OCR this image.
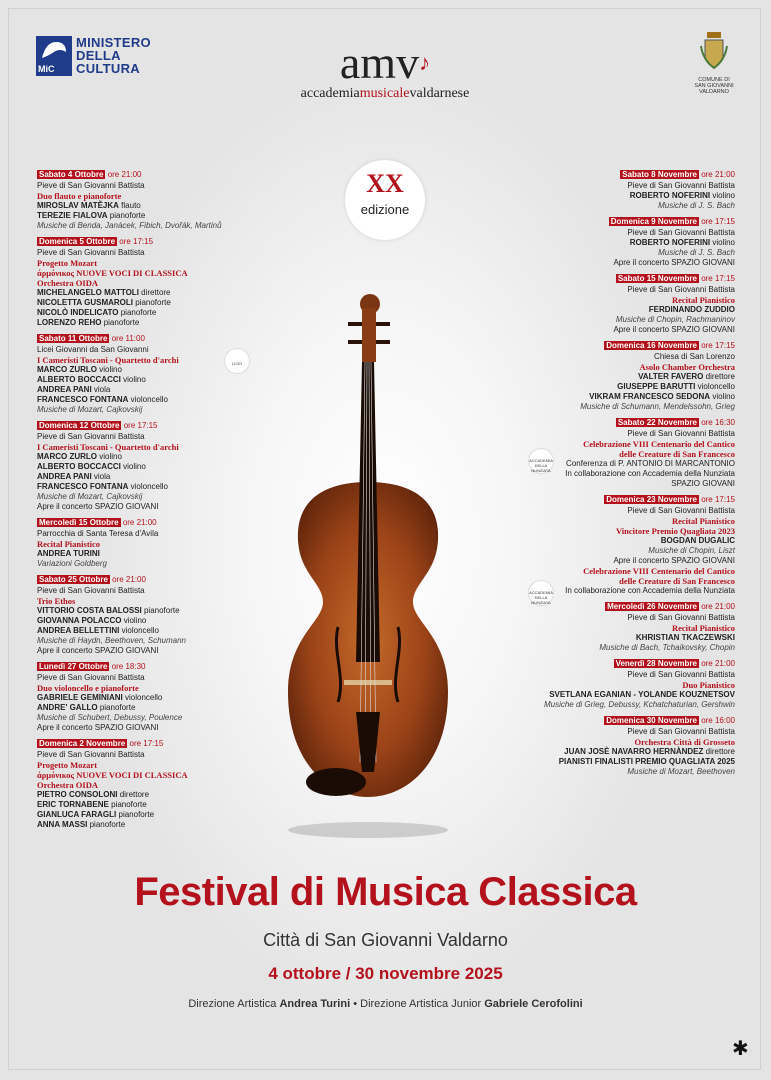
MiC
MINISTERO
DELLA
CULTURA	amv♪
accademiamusicalevaldarnese
COMUNE DI
SAN GIOVANNI VALDARNO
XX
edizione
Sabato 4 Ottobre ore 21:00
Pieve di San Giovanni Battista
Duo flauto e pianoforte
MIROSLAV MATĚJKA flauto
TEREZIE FIALOVA pianoforte
Musiche di Benda, Janàcek, Fibich, Dvořák, Martinů
Domenica 5 Ottobre ore 17:15
Pieve di San Giovanni Battista
Progetto Mozart
άρμόνικος NUOVE VOCI DI CLASSICA
Orchestra OIDA
MICHELANGELO MATTOLI direttore
NICOLETTA GUSMAROLI pianoforte
NICOLÒ INDELICATO pianoforte
LORENZO REHO pianoforte
Sabato 11 Ottobre ore 11:00
Licei Giovanni da San Giovanni
I Cameristi Toscani - Quartetto d'archi
MARCO ZURLO violino
ALBERTO BOCCACCI violino
ANDREA PANI viola
FRANCESCO FONTANA violoncello
Musiche di Mozart, Cajkovskij
Domenica 12 Ottobre ore 17:15
Pieve di San Giovanni Battista
I Cameristi Toscani - Quartetto d'archi
MARCO ZURLO violino
ALBERTO BOCCACCI violino
ANDREA PANI viola
FRANCESCO FONTANA violoncello
Musiche di Mozart, Cajkovskij
Apre il concerto SPAZIO GIOVANI
Mercoledì 15 Ottobre ore 21:00
Parrocchia di Santa Teresa d'Avila
Recital Pianistico
ANDREA TURINI
Variazioni Goldberg
Sabato 25 Ottobre ore 21:00
Pieve di San Giovanni Battista
Trio Ethos
VITTORIO COSTA BALOSSI pianoforte
GIOVANNA POLACCO violino
ANDREA BELLETTINI violoncello
Musiche di Haydn, Beethoven, Schumann
Apre il concerto SPAZIO GIOVANI
Lunedì 27 Ottobre ore 18:30
Pieve di San Giovanni Battista
Duo violoncello e pianoforte
GABRIELE GEMINIANI violoncello
ANDRE' GALLO pianoforte
Musiche di Schubert, Debussy, Poulence
Apre il concerto SPAZIO GIOVANI
Domenica 2 Novembre ore 17:15
Pieve di San Giovanni Battista
Progetto Mozart
άρμόνικος NUOVE VOCI DI CLASSICA
Orchestra OIDA
PIETRO CONSOLONI direttore
ERIC TORNABENE pianoforte
GIANLUCA FARAGLI pianoforte
ANNA MASSI pianoforte
Sabato 8 Novembre ore 21:00
Pieve di San Giovanni Battista
ROBERTO NOFERINI violino
Musiche di J. S. Bach
Domenica 9 Novembre ore 17:15
Pieve di San Giovanni Battista
ROBERTO NOFERINI violino
Musiche di J. S. Bach
Apre il concerto SPAZIO GIOVANI
Sabato 15 Novembre ore 17:15
Pieve di San Giovanni Battista
Recital Pianistico
FERDINANDO ZUDDIO
Musiche di Chopin, Rachmaninov
Apre il concerto SPAZIO GIOVANI
Domenica 16 Novembre ore 17:15
Chiesa di San Lorenzo
Asolo Chamber Orchestra
VALTER FAVERO direttore
GIUSEPPE BARUTTI violoncello
VIKRAM FRANCESCO SEDONA violino
Musiche di Schumann, Mendelssohn, Grieg
Sabato 22 Novembre ore 16:30
Pieve di San Giovanni Battista
Celebrazione VIII Centenario del Cantico
delle Creature di San Francesco
Conferenza di P. ANTONIO DI MARCANTONIO
In collaborazione con Accademia della Nunziata
SPAZIO GIOVANI
Domenica 23 Novembre ore 17:15
Pieve di San Giovanni Battista
Recital Pianistico
Vincitore Premio Quagliata 2023
BOGDAN DUGALIC
Musiche di Chopin, Liszt
Apre il concerto SPAZIO GIOVANI
Celebrazione VIII Centenario del Cantico
delle Creature di San Francesco
In collaborazione con Accademia della Nunziata
Mercoledì 26 Novembre ore 21:00
Pieve di San Giovanni Battista
Recital Pianistico
KHRISTIAN TKACZEWSKI
Musiche di Bach, Tchaikovsky, Chopin
Venerdì 28 Novembre ore 21:00
Pieve di San Giovanni Battista
Duo Pianistico
SVETLANA EGANIAN - YOLANDE KOUZNETSOV
Musiche di Grieg, Debussy, Kchatchaturian, Gershwin
Domenica 30 Novembre ore 16:00
Pieve di San Giovanni Battista
Orchestra Città di Grosseto
JUAN JOSÈ NAVARRO HERNÀNDEZ direttore
PIANISTI FINALISTI PREMIO QUAGLIATA 2025
Musiche di Mozart, Beethoven
LICEI
ACCADEMIA DELLA NUNZIATA
ACCADEMIA DELLA NUNZIATA
Festival di Musica Classica
Città di San Giovanni Valdarno
4 ottobre / 30 novembre 2025
Direzione Artistica Andrea Turini • Direzione Artistica Junior Gabriele Cerofolini
✱
